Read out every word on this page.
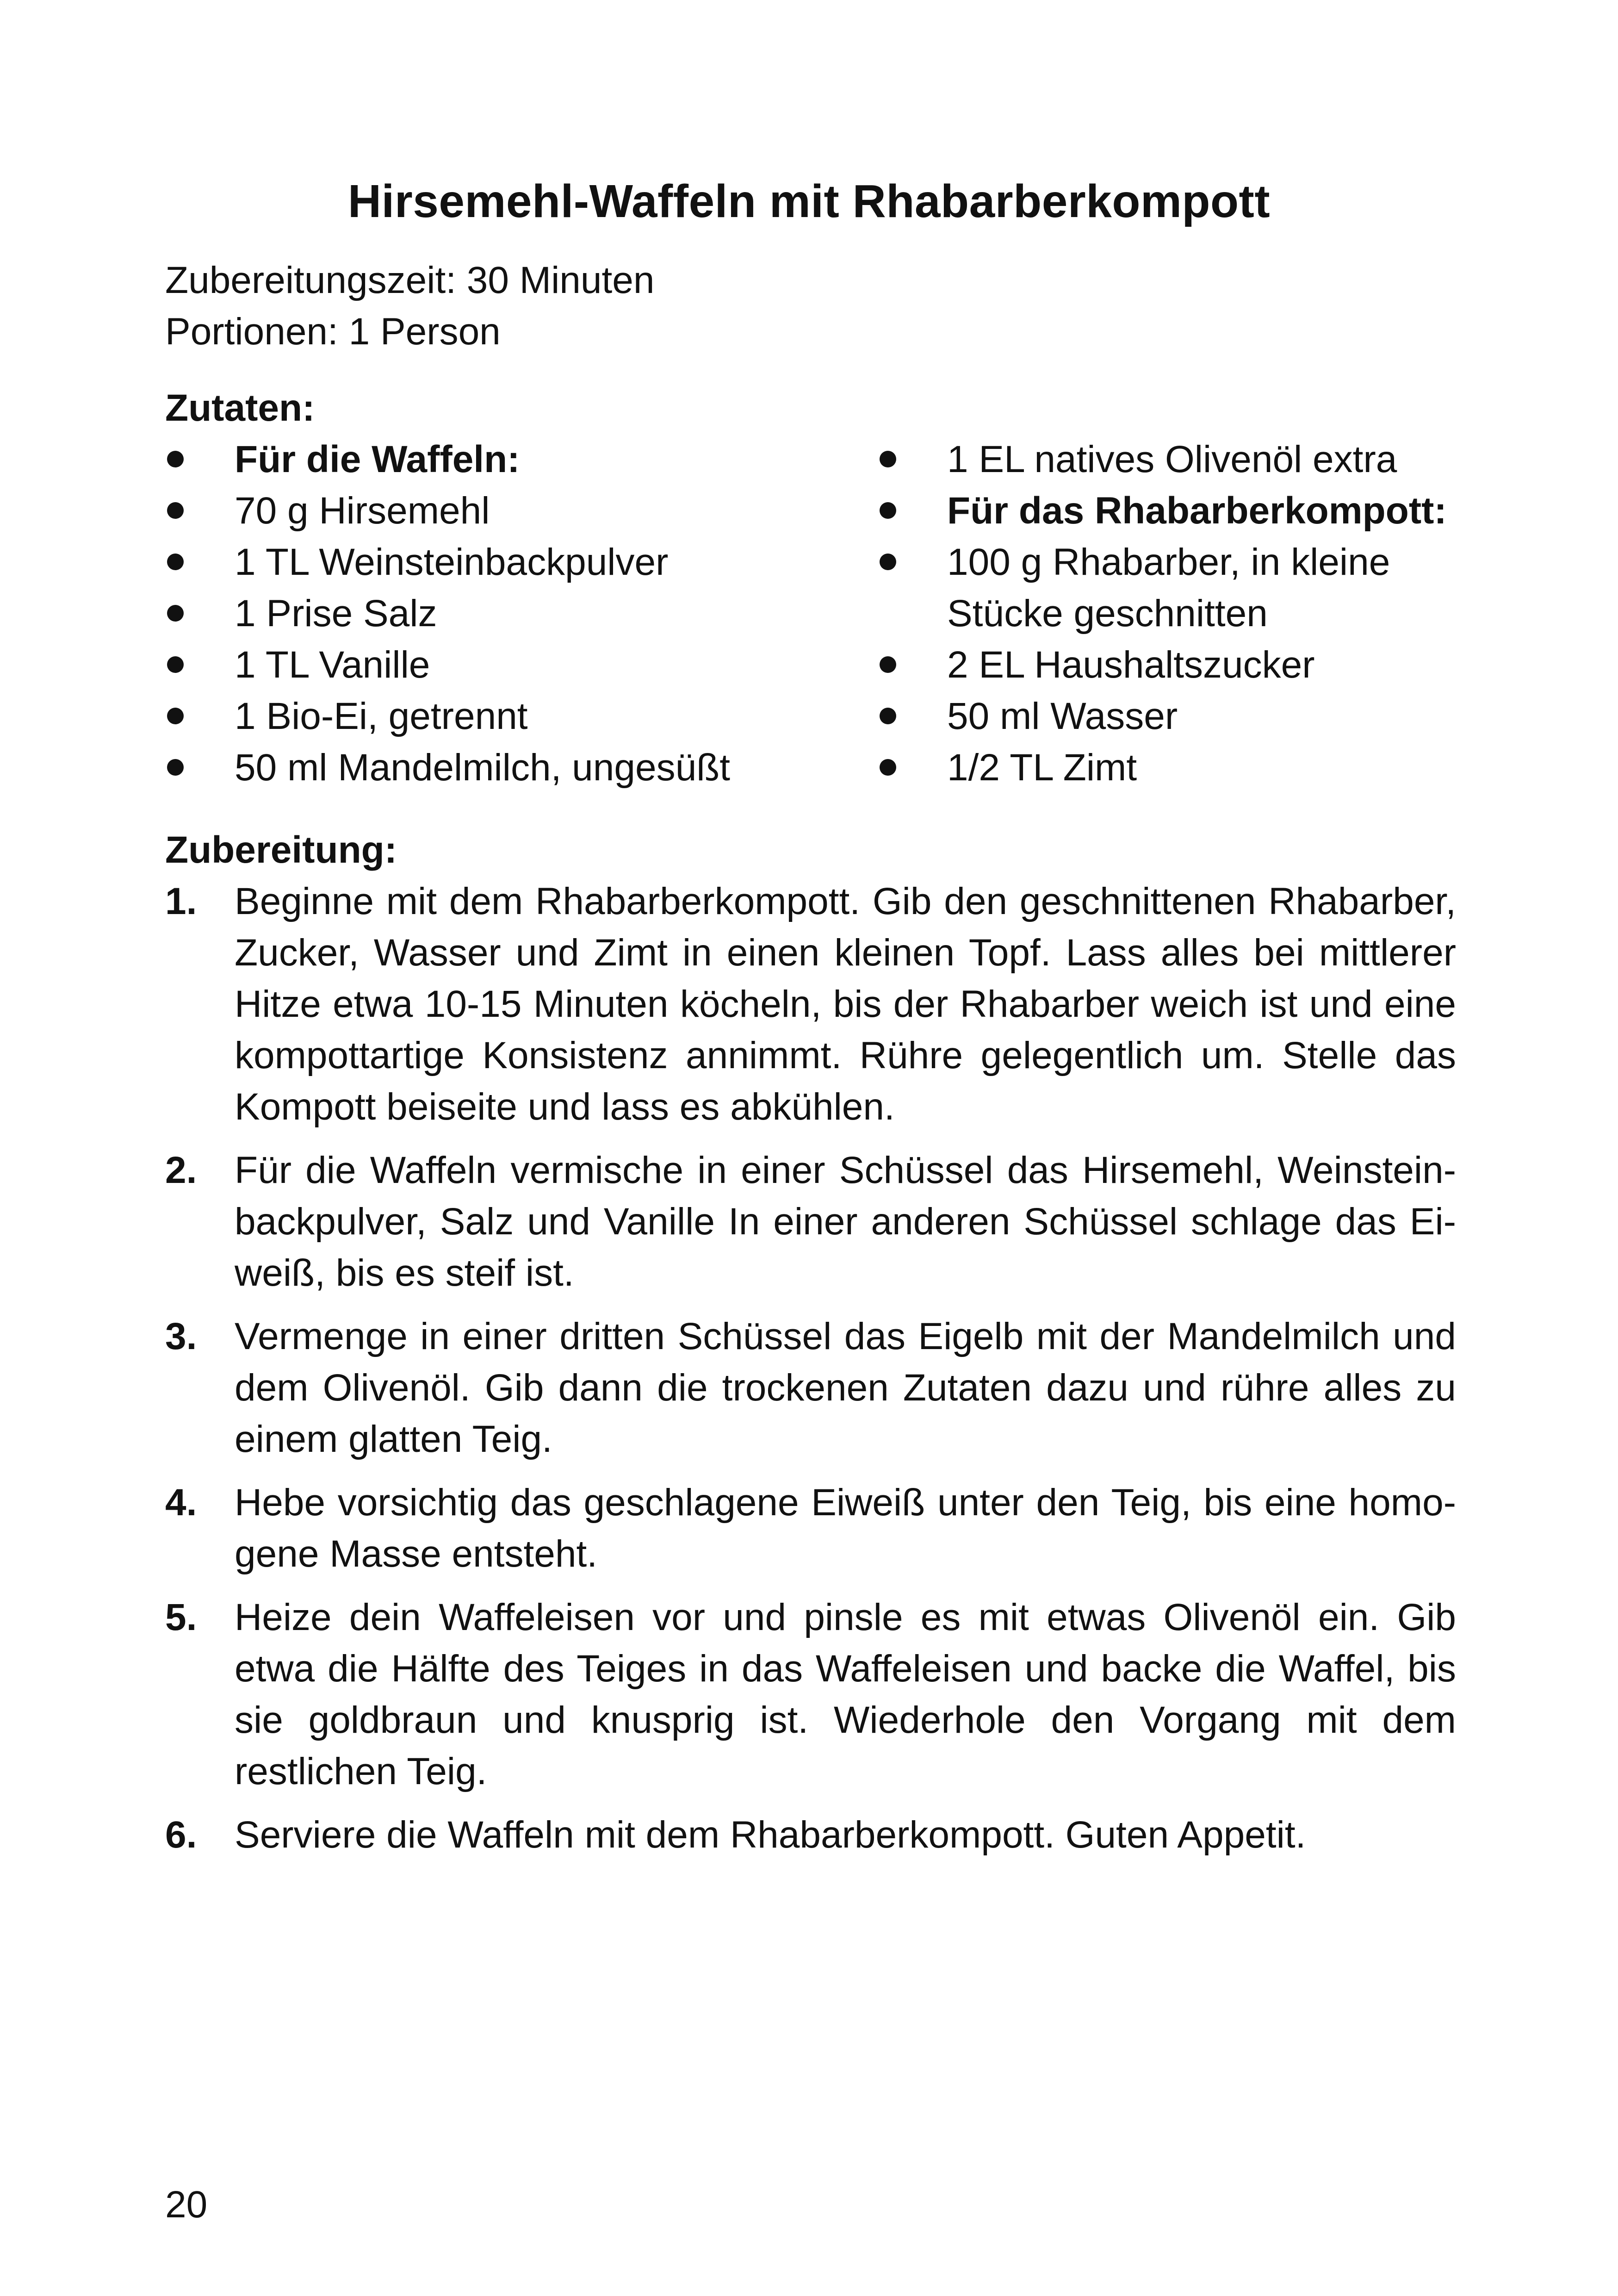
Hirsemehl-Waffeln mit Rhabarberkompott
Zubereitungszeit: 30 Minuten
Portionen: 1 Person
Zutaten:
Für die Waffeln:
70 g Hirsemehl
1 TL Weinsteinbackpulver
1 Prise Salz
1 TL Vanille
1 Bio-Ei, getrennt
50 ml Mandelmilch, ungesüßt
1 EL natives Olivenöl extra
Für das Rhabarberkompott:
100 g Rhabarber, in kleine Stücke geschnitten
2 EL Haushaltszucker
50 ml Wasser
1/2 TL Zimt
Zubereitung:
1. Beginne mit dem Rhabarberkompott. Gib den geschnittenen Rhabarber, Zucker, Wasser und Zimt in einen kleinen Topf. Lass alles bei mittlerer Hitze etwa 10-15 Minuten köcheln, bis der Rhabarber weich ist und eine kompottartige Konsistenz annimmt. Rühre gelegentlich um. Stelle das Kompott beiseite und lass es abkühlen.
2. Für die Waffeln vermische in einer Schüssel das Hirsemehl, Weinsteinbackpulver, Salz und Vanille In einer anderen Schüssel schlage das Eiweiß, bis es steif ist.
3. Vermenge in einer dritten Schüssel das Eigelb mit der Mandelmilch und dem Olivenöl. Gib dann die trockenen Zutaten dazu und rühre alles zu einem glatten Teig.
4. Hebe vorsichtig das geschlagene Eiweiß unter den Teig, bis eine homogene Masse entsteht.
5. Heize dein Waffeleisen vor und pinsle es mit etwas Olivenöl ein. Gib etwa die Hälfte des Teiges in das Waffeleisen und backe die Waffel, bis sie goldbraun und knusprig ist. Wiederhole den Vorgang mit dem restlichen Teig.
6. Serviere die Waffeln mit dem Rhabarberkompott. Guten Appetit.
20
